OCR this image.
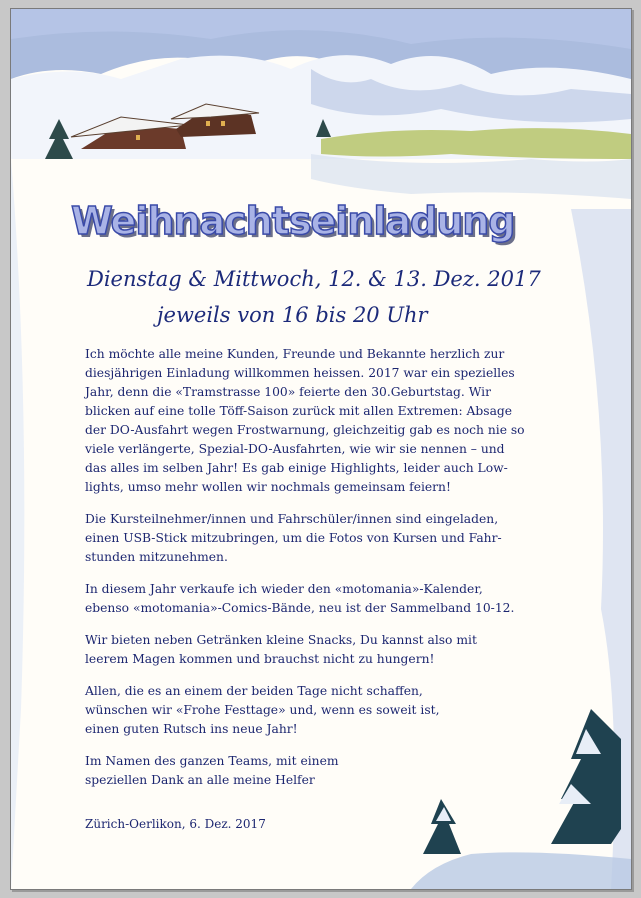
Weihnachtseinladung
Dienstag & Mittwoch, 12. & 13. Dez. 2017
jeweils von 16 bis 20 Uhr

Ich möchte alle meine Kunden, Freunde und Bekannte herzlich zur
diesjährigen Einladung willkommen heissen. 2017 war ein spezielles
Jahr, denn die «Tramstrasse 100» feierte den 30.Geburtstag. Wir
blicken auf eine tolle Töff-Saison zurück mit allen Extremen: Absage
der DO-Ausfahrt wegen Frostwarnung, gleichzeitig gab es noch nie so
viele verlängerte, Spezial-DO-Ausfahrten, wie wir sie nennen – und
das alles im selben Jahr! Es gab einige Highlights, leider auch Low-
lights, umso mehr wollen wir nochmals gemeinsam feiern!

Die Kursteilnehmer/innen und Fahrschüler/innen sind eingeladen,
einen USB-Stick mitzubringen, um die Fotos von Kursen und Fahr-
stunden mitzunehmen.

In diesem Jahr verkaufe ich wieder den «motomania»-Kalender,
ebenso «motomania»-Comics-Bände, neu ist der Sammelband 10-12.

Wir bieten neben Getränken kleine Snacks, Du kannst also mit
leerem Magen kommen und brauchst nicht zu hungern!

Allen, die es an einem der beiden Tage nicht schaffen,
wünschen wir «Frohe Festtage» und, wenn es soweit ist,
einen guten Rutsch ins neue Jahr!

Im Namen des ganzen Teams, mit einem
speziellen Dank an alle meine Helfer

Zürich-Oerlikon, 6. Dez. 2017
